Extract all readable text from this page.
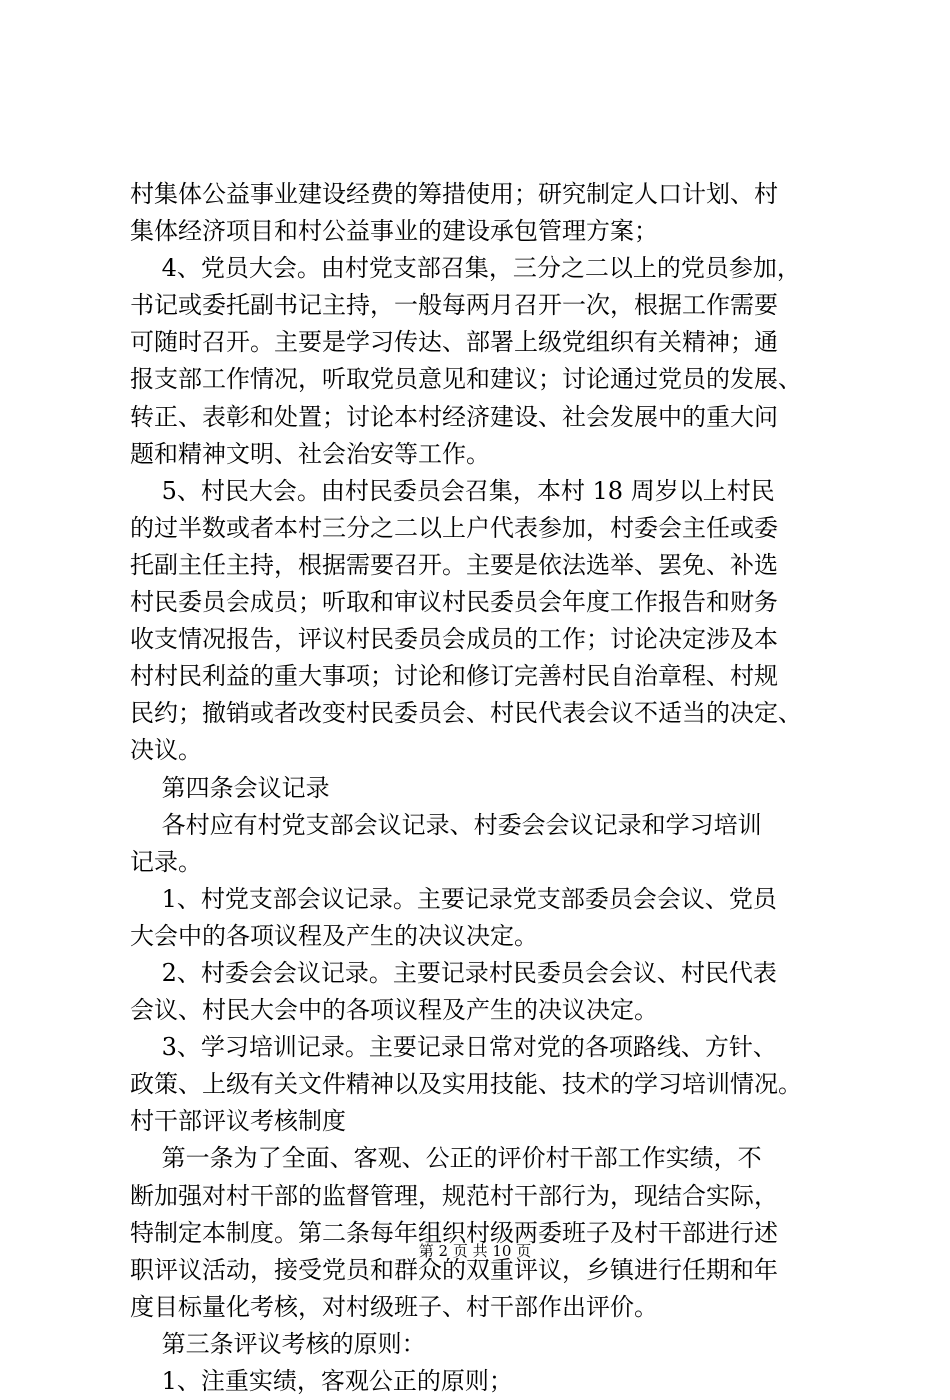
村集体公益事业建设经费的筹措使用；研究制定人口计划、村
集体经济项目和村公益事业的建设承包管理方案；
　 4、党员大会。由村党支部召集，三分之二以上的党员参加，
书记或委托副书记主持，一般每两月召开一次，根据工作需要
可随时召开。主要是学习传达、部署上级党组织有关精神；通
报支部工作情况，听取党员意见和建议；讨论通过党员的发展、
转正、表彰和处置；讨论本村经济建设、社会发展中的重大问
题和精神文明、社会治安等工作。
　 5、村民大会。由村民委员会召集，本村 18 周岁以上村民
的过半数或者本村三分之二以上户代表参加，村委会主任或委
托副主任主持，根据需要召开。主要是依法选举、罢免、补选
村民委员会成员；听取和审议村民委员会年度工作报告和财务
收支情况报告，评议村民委员会成员的工作；讨论决定涉及本
村村民利益的重大事项；讨论和修订完善村民自治章程、村规
民约；撤销或者改变村民委员会、村民代表会议不适当的决定、
决议。
　 第四条会议记录
　 各村应有村党支部会议记录、村委会会议记录和学习培训
记录。
　 1、村党支部会议记录。主要记录党支部委员会会议、党员
大会中的各项议程及产生的决议决定。
　 2、村委会会议记录。主要记录村民委员会会议、村民代表
会议、村民大会中的各项议程及产生的决议决定。
　 3、学习培训记录。主要记录日常对党的各项路线、方针、
政策、上级有关文件精神以及实用技能、技术的学习培训情况。
村干部评议考核制度
　 第一条为了全面、客观、公正的评价村干部工作实绩，不
断加强对村干部的监督管理，规范村干部行为，现结合实际，
特制定本制度。第二条每年组织村级两委班子及村干部进行述
职评议活动，接受党员和群众的双重评议，乡镇进行任期和年
度目标量化考核，对村级班子、村干部作出评价。
　 第三条评议考核的原则：
　 1、注重实绩，客观公正的原则；
第 2 页 共 10 页
